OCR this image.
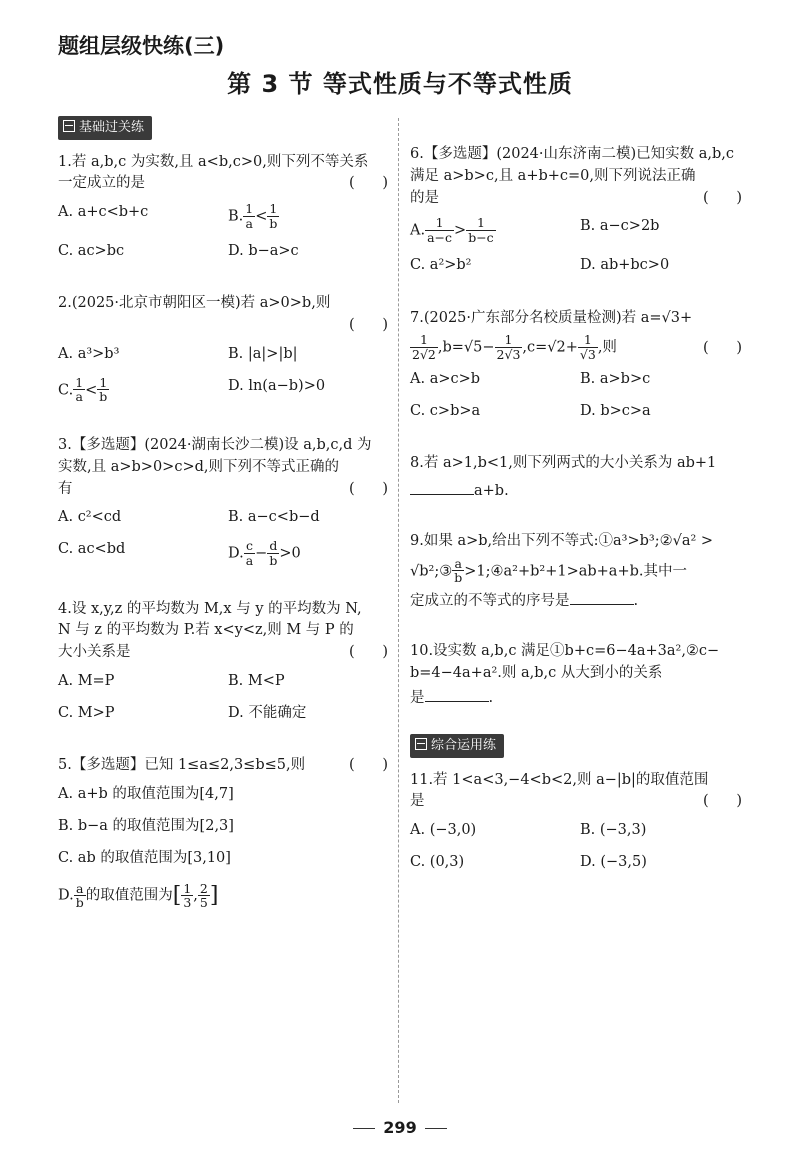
题组层级快练(三)
第 3 节 等式性质与不等式性质
基础过关练
1.若 a,b,c 为实数,且 a<b,c>0,则下列不等关系
一定成立的是	(      )
A. a+c<b+c	B. $\frac{1}{a} < \frac{1}{b}$
C. ac>bc	D. b−a>c
2.(2025·北京市朝阳区一模)若 a>0>b,则
(      )
A. a³>b³	B. |a|>|b|
C. $\frac{1}{a} < \frac{1}{b}$	D. ln(a−b)>0
3.【多选题】(2024·湖南长沙二模)设 a,b,c,d 为
实数,且 a>b>0>c>d,则下列不等式正确的
有	(      )
A. c²<cd	B. a−c<b−d
C. ac<bd	D. $\frac{c}{a} - \frac{d}{b} >0$
4.设 x,y,z 的平均数为 M,x 与 y 的平均数为 N,
N 与 z 的平均数为 P.若 x<y<z,则 M 与 P 的
大小关系是	(      )
A. M=P	B. M<P
C. M>P	D. 不能确定
5.【多选题】已知 1≤a≤2,3≤b≤5,则	(      )
A. a+b 的取值范围为[4,7]
B. b−a 的取值范围为[2,3]
C. ab 的取值范围为[3,10]
D. $\frac{a}{b}$ 的取值范围为[ $\frac{1}{3}$ , $\frac{2}{5}$ ]
6.【多选题】(2024·山东济南二模)已知实数 a,b,c
满足 a>b>c,且 a+b+c=0,则下列说法正确
的是	(      )
A. $\frac{1}{a-c} > \frac{1}{b-c}$	B. a−c>2b
C. a²>b²	D. ab+bc>0
7.(2025·广东部分名校质量检测)若 a=√3+
$\frac{1}{2√2} ,b=√5- \frac{1}{2√3} ,c=√2+ \frac{1}{√3}$ ,则	(      )
A. a>c>b	B. a>b>c
C. c>b>a	D. b>c>a
8.若 a>1,b<1,则下列两式的大小关系为 ab+1
a+b.
9.如果 a>b,给出下列不等式:①a³>b³;②√a² >
√b²;③ $\frac{a}{b}$ >1;④a²+b²+1>ab+a+b.其中一
定成立的不等式的序号是	.
10.设实数 a,b,c 满足①b+c=6−4a+3a²,②c−
b=4−4a+a².则 a,b,c 从大到小的关系
是	.
综合运用练
11.若 1<a<3,−4<b<2,则 a−|b|的取值范围
是	(      )
A. (−3,0)	B. (−3,3)
C. (0,3)	D. (−3,5)
299
